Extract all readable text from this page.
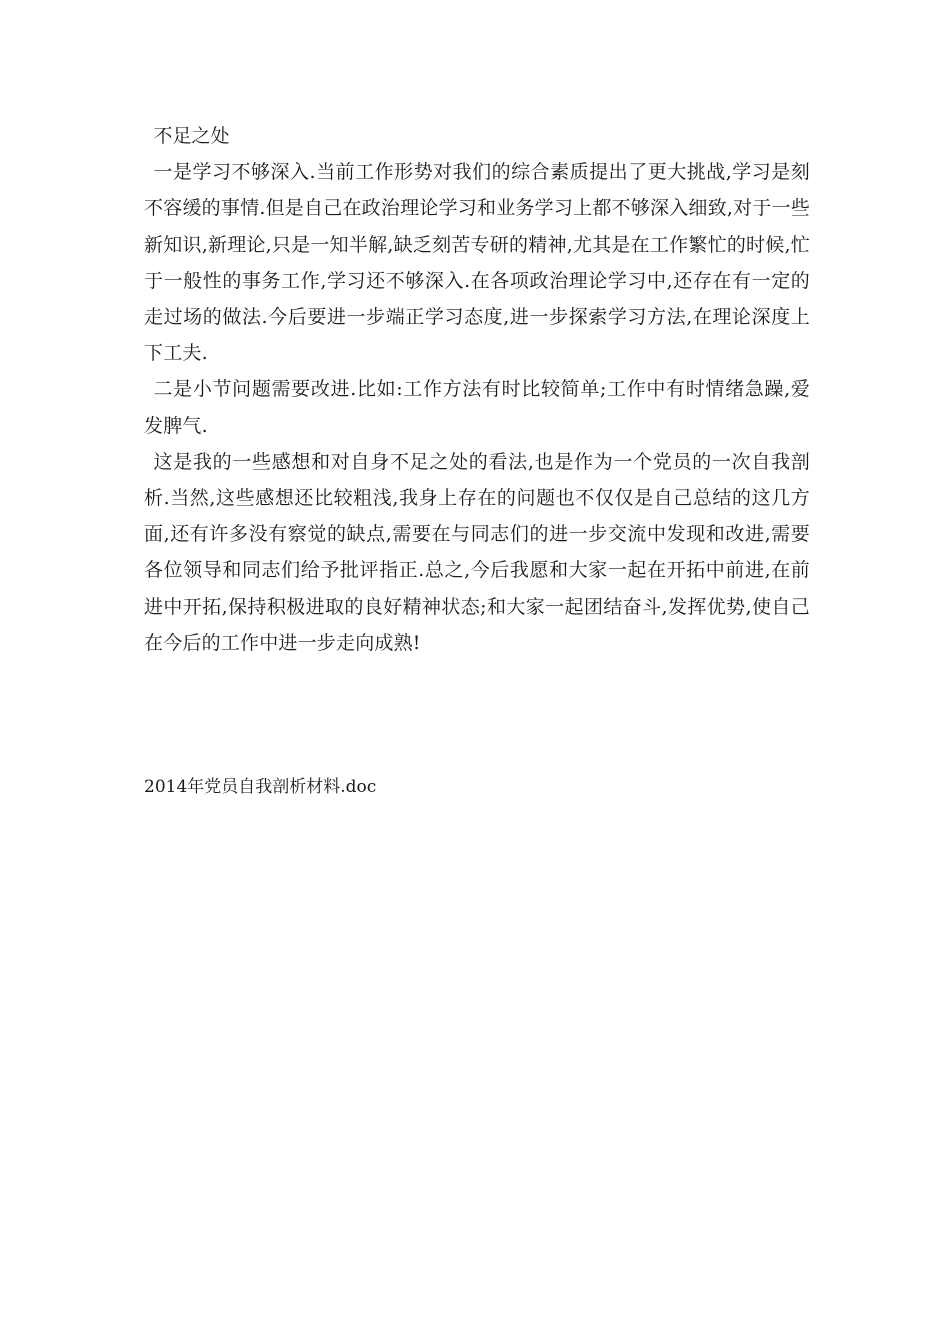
不足之处

一是学习不够深入.当前工作形势对我们的综合素质提出了更大挑战,学习是刻不容缓的事情.但是自己在政治理论学习和业务学习上都不够深入细致,对于一些新知识,新理论,只是一知半解,缺乏刻苦专研的精神,尤其是在工作繁忙的时候,忙于一般性的事务工作,学习还不够深入.在各项政治理论学习中,还存在有一定的走过场的做法.今后要进一步端正学习态度,进一步探索学习方法,在理论深度上下工夫.

二是小节问题需要改进.比如:工作方法有时比较简单;工作中有时情绪急躁,爱发脾气.

这是我的一些感想和对自身不足之处的看法,也是作为一个党员的一次自我剖析.当然,这些感想还比较粗浅,我身上存在的问题也不仅仅是自己总结的这几方面,还有许多没有察觉的缺点,需要在与同志们的进一步交流中发现和改进,需要各位领导和同志们给予批评指正.总之,今后我愿和大家一起在开拓中前进,在前进中开拓,保持积极进取的良好精神状态;和大家一起团结奋斗,发挥优势,使自己在今后的工作中进一步走向成熟!

2014年党员自我剖析材料.doc
